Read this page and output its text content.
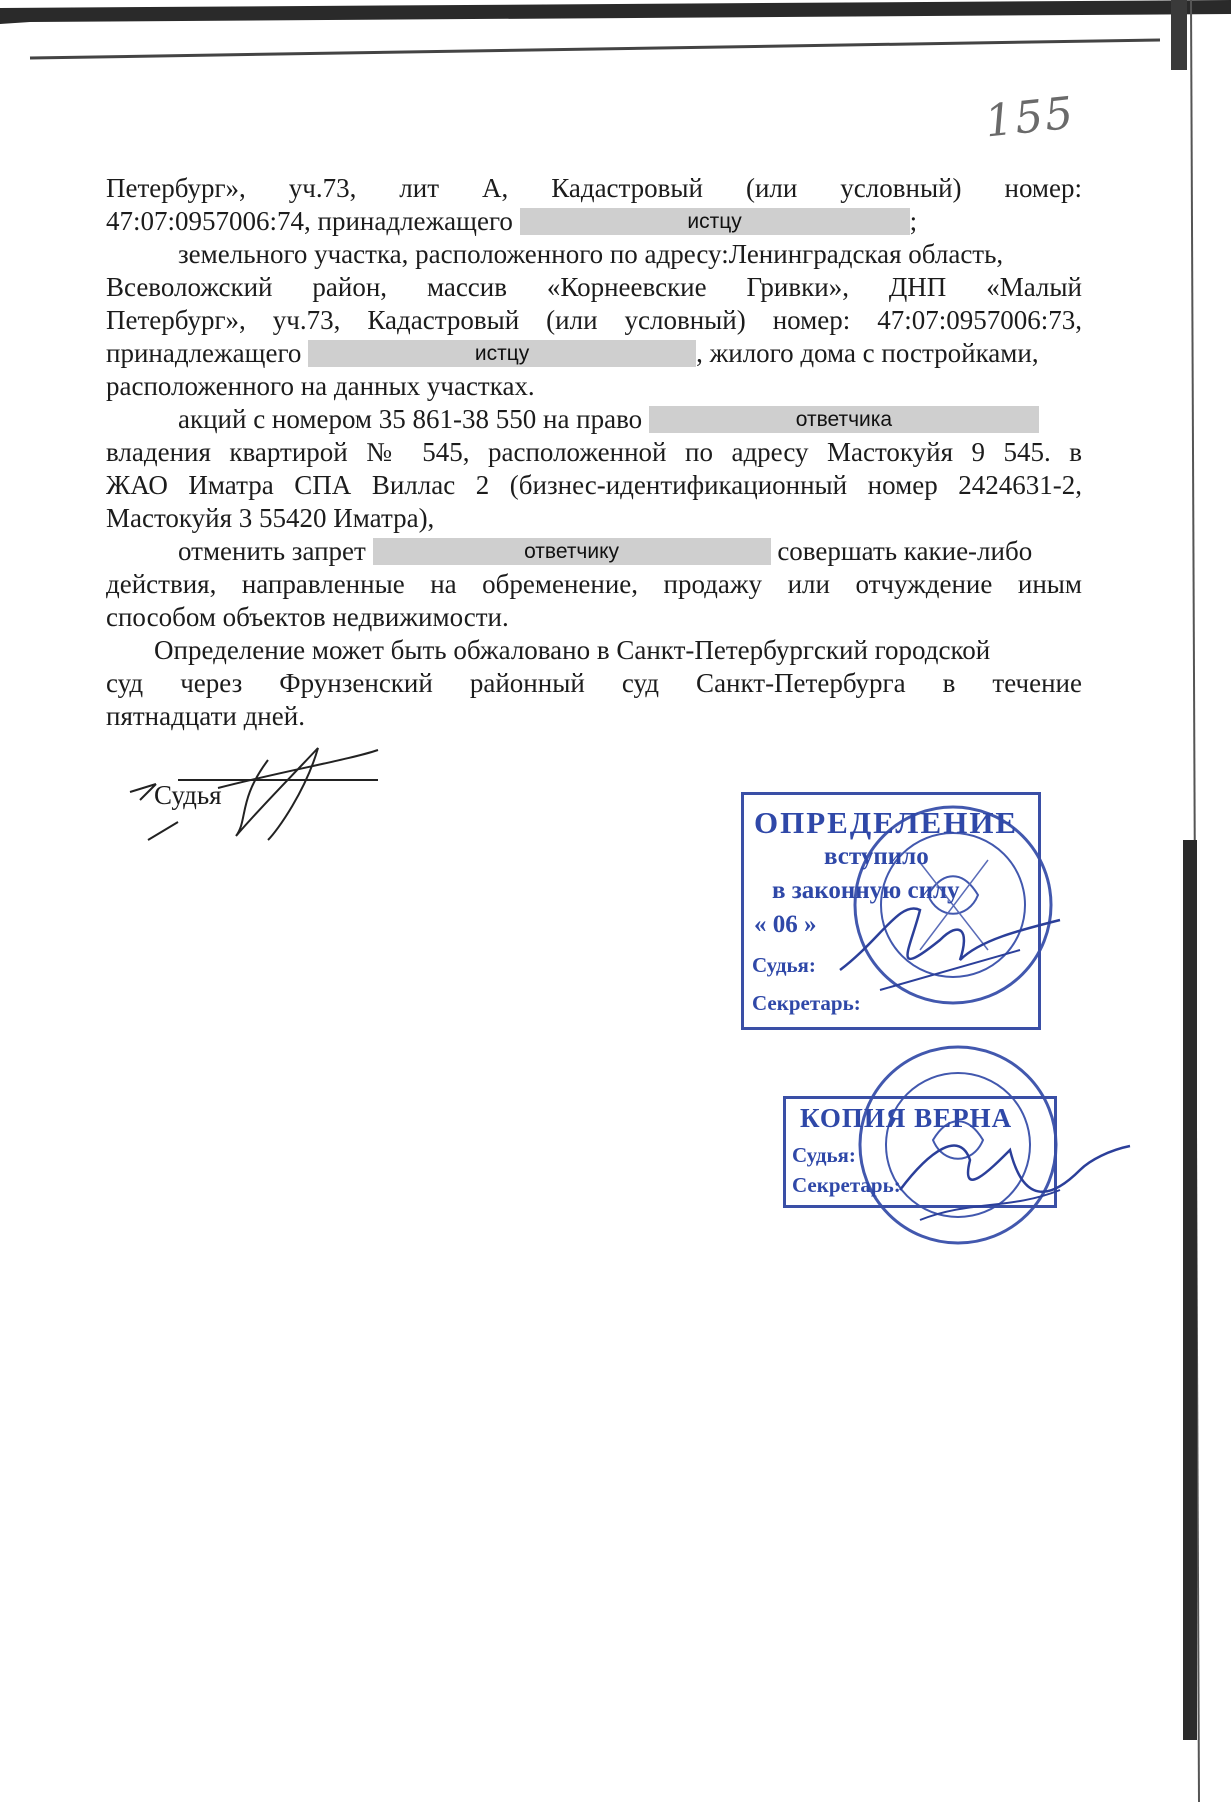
155
Петербург», уч.73, лит А, Кадастровый (или условный) номер:
47:07:0957006:74, принадлежащего	истцу	;
земельного участка, расположенного по адресу:Ленинградская область,
Всеволожский район, массив «Корнеевские Гривки», ДНП «Малый
Петербург», уч.73, Кадастровый (или условный) номер: 47:07:0957006:73,
принадлежащего	истцу	, жилого дома с постройками,
расположенного на данных участках.
акций с номером 35 861-38 550 на право	ответчика
владения квартирой № 545, расположенной по адресу Мастокуйя 9 545. в
ЖАО Иматра СПА Виллас 2 (бизнес-идентификационный номер 2424631-2,
Мастокуйя 3 55420 Иматра),
отменить запрет	ответчику	совершать какие-либо
действия, направленные на обременение, продажу или отчуждение иным
способом объектов недвижимости.
Определение может быть обжаловано в Санкт-Петербургский городской
суд через Фрунзенский районный суд Санкт-Петербурга в течение
пятнадцати дней.
Судья
ОПРЕДЕЛЕНИЕ
вступило
в законную силу
« 06 »
Судья:
Секретарь:
КОПИЯ ВЕРНА
Судья:
Секретарь:
